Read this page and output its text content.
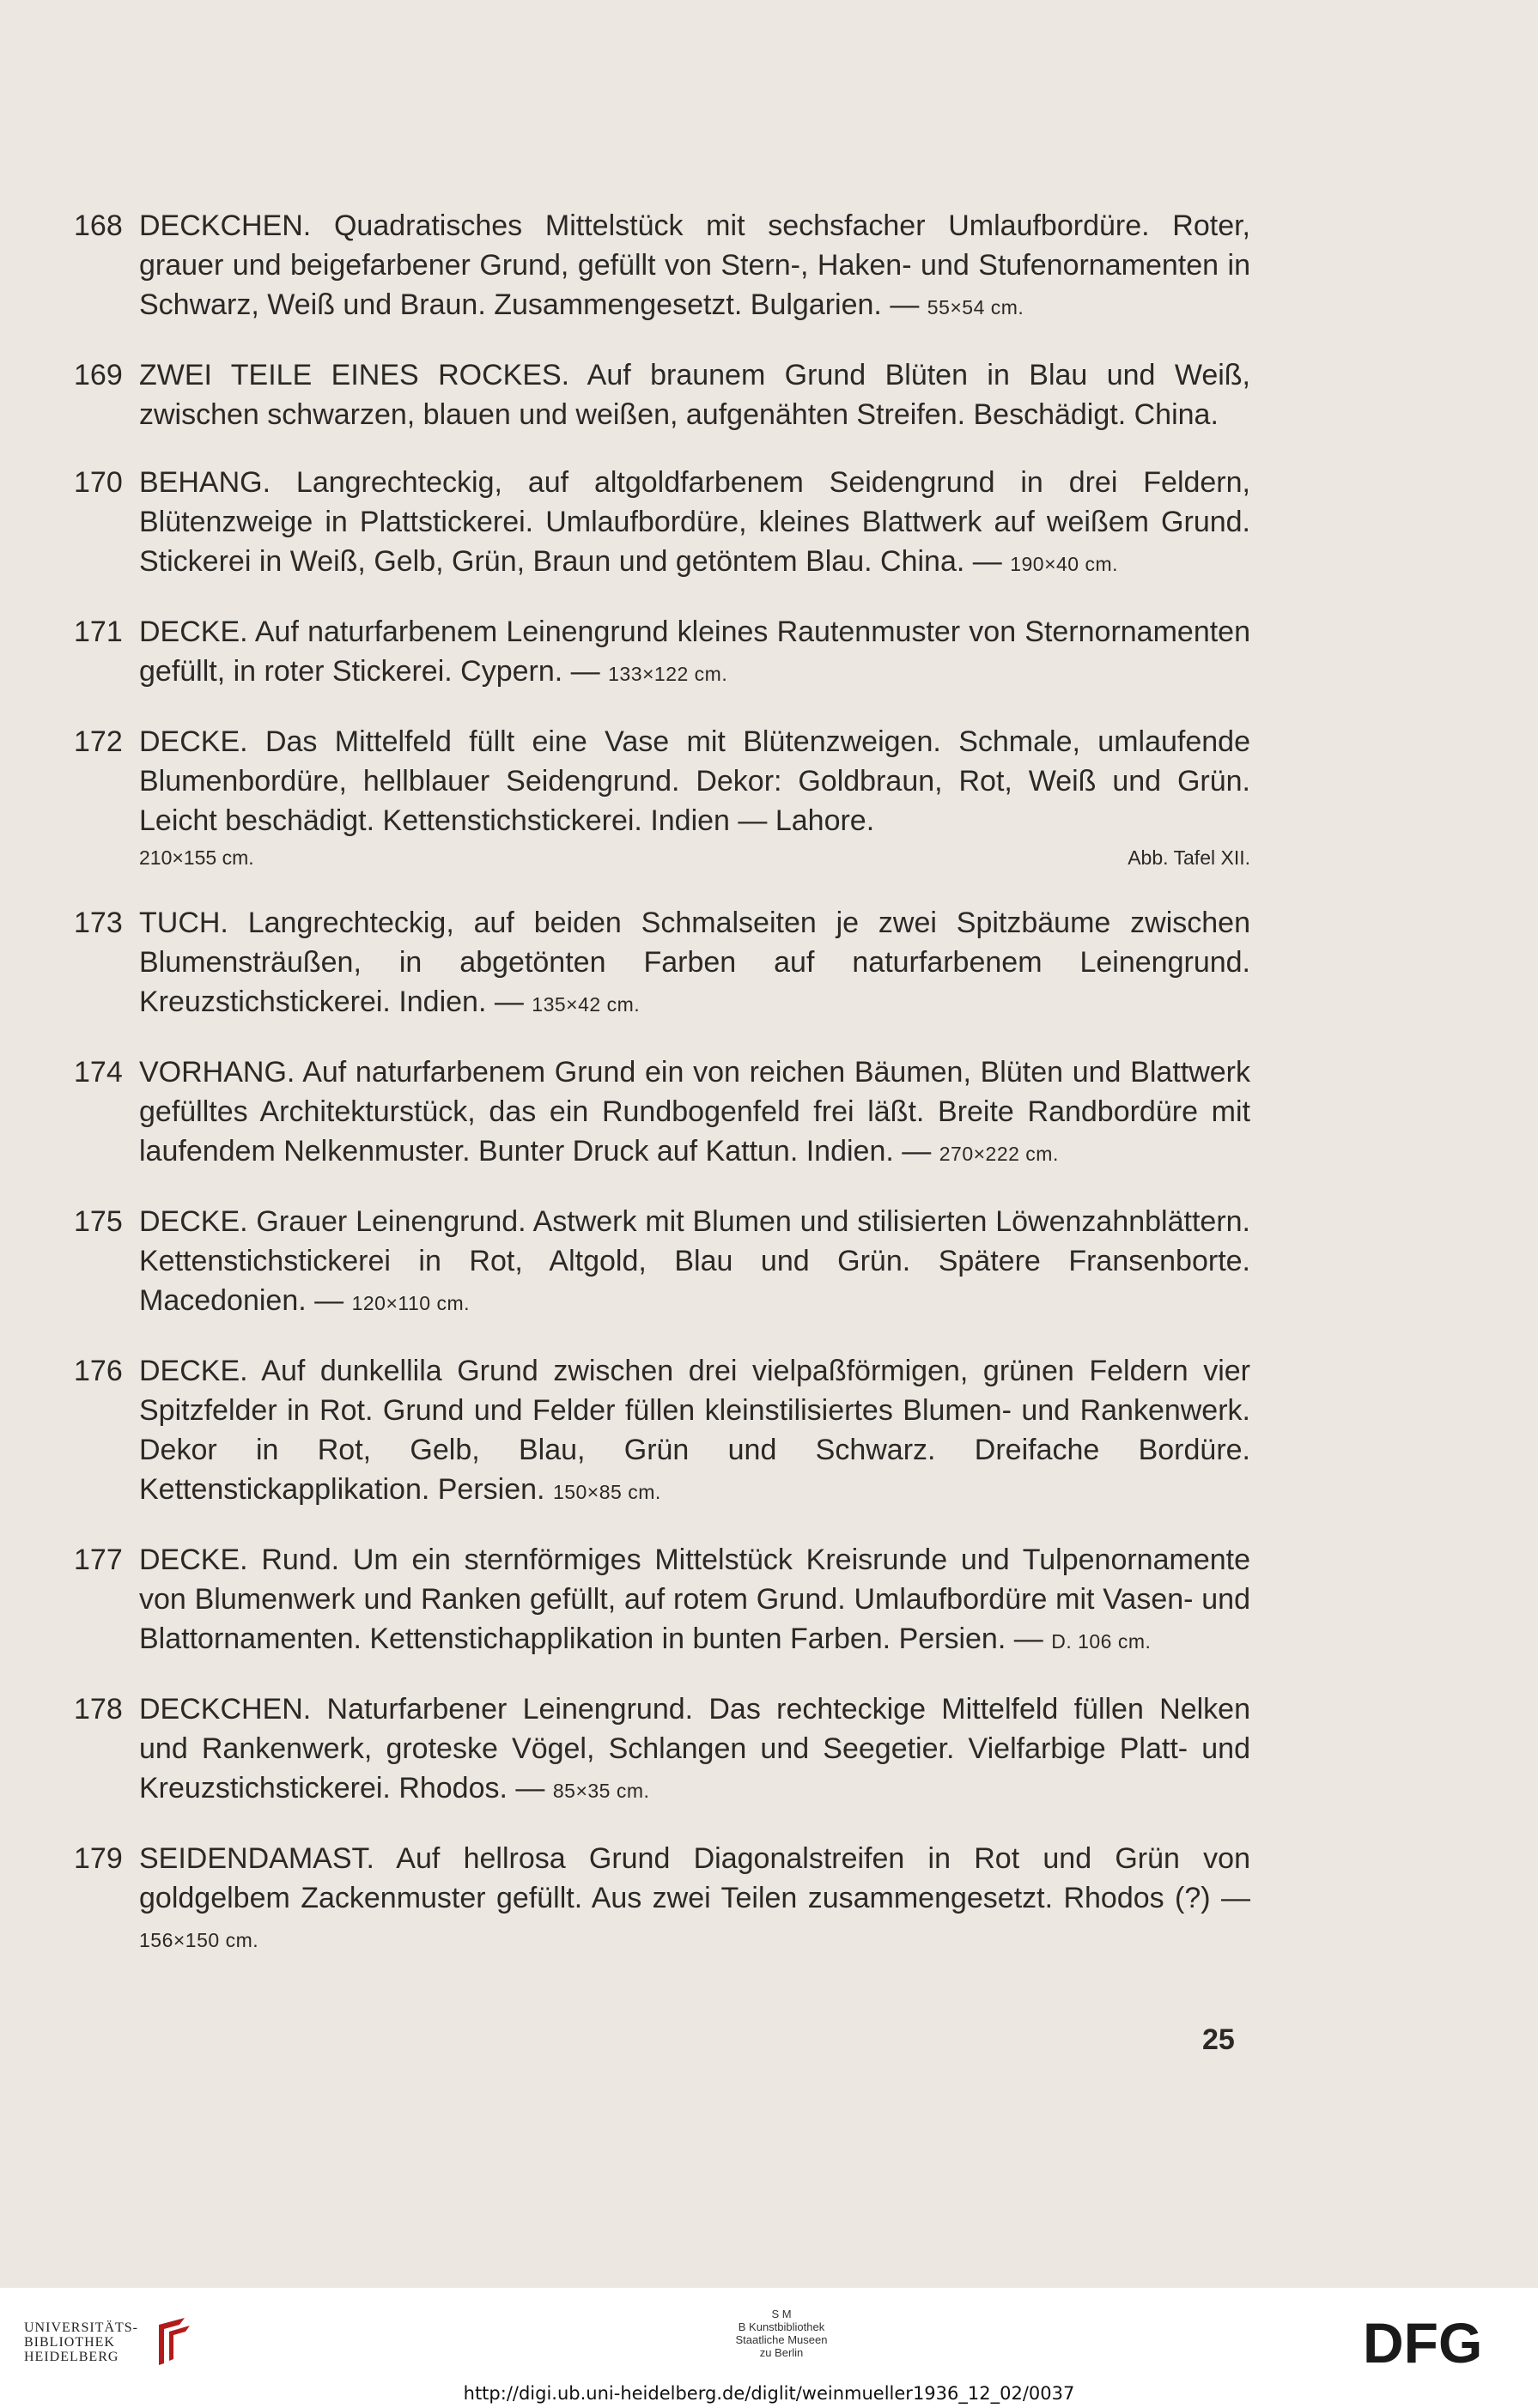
168 DECKCHEN. Quadratisches Mittelstück mit sechsfacher Umlaufbordüre. Roter, grauer und beigefarbener Grund, gefüllt von Stern-, Haken- und Stufenornamenten in Schwarz, Weiß und Braun. Zusammengesetzt. Bulgarien. — 55×54 cm.
169 ZWEI TEILE EINES ROCKES. Auf braunem Grund Blüten in Blau und Weiß, zwischen schwarzen, blauen und weißen, aufgenähten Streifen. Beschädigt. China.
170 BEHANG. Langrechteckig, auf altgoldfarbenem Seidengrund in drei Feldern, Blütenzweige in Plattstickerei. Umlaufbordüre, kleines Blattwerk auf weißem Grund. Stickerei in Weiß, Gelb, Grün, Braun und getöntem Blau. China. — 190×40 cm.
171 DECKE. Auf naturfarbenem Leinengrund kleines Rautenmuster von Sternornamenten gefüllt, in roter Stickerei. Cypern. — 133×122 cm.
172 DECKE. Das Mittelfeld füllt eine Vase mit Blütenzweigen. Schmale, umlaufende Blumenbordüre, hellblauer Seidengrund. Dekor: Goldbraun, Rot, Weiß und Grün. Leicht beschädigt. Kettenstichstickerei. Indien — Lahore.
210×155 cm.	Abb. Tafel XII.
173 TUCH. Langrechteckig, auf beiden Schmalseiten je zwei Spitzbäume zwischen Blumensträußen, in abgetönten Farben auf naturfarbenem Leinengrund. Kreuzstichstickerei. Indien. — 135×42 cm.
174 VORHANG. Auf naturfarbenem Grund ein von reichen Bäumen, Blüten und Blattwerk gefülltes Architekturstück, das ein Rundbogenfeld frei läßt. Breite Randbordüre mit laufendem Nelkenmuster. Bunter Druck auf Kattun. Indien. — 270×222 cm.
175 DECKE. Grauer Leinengrund. Astwerk mit Blumen und stilisierten Löwenzahnblättern. Kettenstichstickerei in Rot, Altgold, Blau und Grün. Spätere Fransenborte. Macedonien. — 120×110 cm.
176 DECKE. Auf dunkellila Grund zwischen drei vielpaßförmigen, grünen Feldern vier Spitzfelder in Rot. Grund und Felder füllen kleinstilisiertes Blumen- und Rankenwerk. Dekor in Rot, Gelb, Blau, Grün und Schwarz. Dreifache Bordüre. Kettenstickapplikation. Persien. 150×85 cm.
177 DECKE. Rund. Um ein sternförmiges Mittelstück Kreisrunde und Tulpenornamente von Blumenwerk und Ranken gefüllt, auf rotem Grund. Umlaufbordüre mit Vasen- und Blattornamenten. Kettenstichapplikation in bunten Farben. Persien. — D. 106 cm.
178 DECKCHEN. Naturfarbener Leinengrund. Das rechteckige Mittelfeld füllen Nelken und Rankenwerk, groteske Vögel, Schlangen und Seegetier. Vielfarbige Platt- und Kreuzstichstickerei. Rhodos. — 85×35 cm.
179 SEIDENDAMAST. Auf hellrosa Grund Diagonalstreifen in Rot und Grün von goldgelbem Zackenmuster gefüllt. Aus zwei Teilen zusammengesetzt. Rhodos (?) — 156×150 cm.
25
UNIVERSITÄTS-
BIBLIOTHEK
HEIDELBERG
S M
B Kunstbibliothek
Staatliche Museen
zu Berlin	DFG
http://digi.ub.uni-heidelberg.de/diglit/weinmueller1936_12_02/0037
